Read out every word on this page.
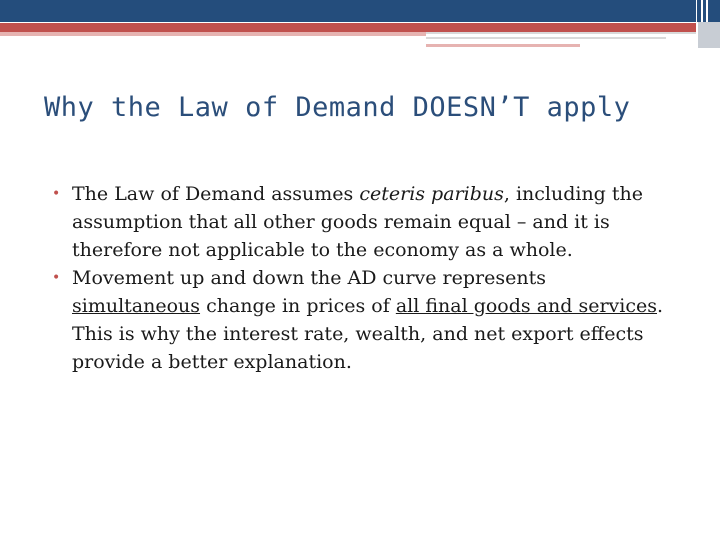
Why the Law of Demand DOESN’T apply
• The Law of Demand assumes ceteris paribus, including the assumption that all other goods remain equal – and it is therefore not applicable to the economy as a whole.
• Movement up and down the AD curve represents simultaneous change in prices of all final goods and services. This is why the interest rate, wealth, and net export effects provide a better explanation.
